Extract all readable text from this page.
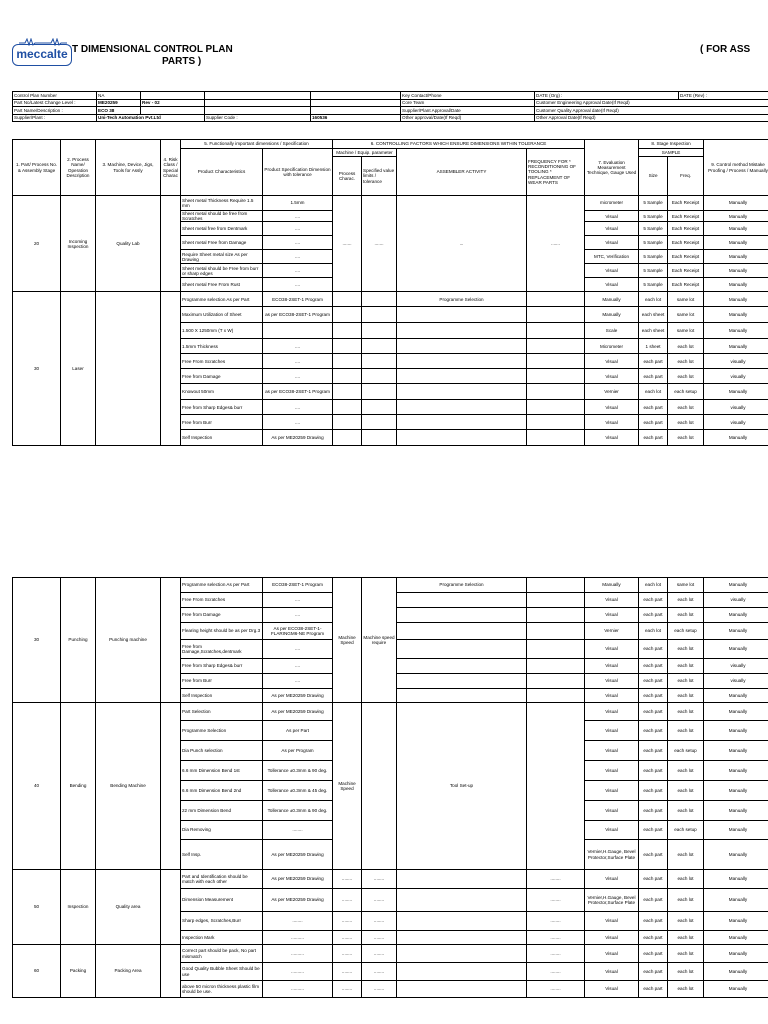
meccalte T DIMENSIONAL CONTROL PLAN
PARTS )
( FOR ASS
Control Plan Number	NA				Key Contact/Phone	DATE (Org) :	DATE (Rev) :
Part No/Latest Change Level :	ME20259	Rev - 02			Core Team	Customer Engineering Approval Date(If Reqd)	
Part Name/Description :	ECO 38				Supplier/Plant Approval/Date	Customer Quality Approval date(If Reqd)	
Supplier/Plant :	Uni-Tech Automation Pvt.Ltd		Supplier Code :	160536	Other approval/Date(If Reqd)	Other Approval Date(If Reqd)	
1. Part/ Process No. & Assembly Stage	2. Process Name/ Operation Description	3. Machine, Device, Jigs, Tools for Assly	4. Risk Class / Special Charac	5. Functionally important dimensions / Specification		6. CONTROLLING FACTORS WHICH ENSURE DIMENSIONS WITHIN TOLERANCE				7. Evaluation Measurement Technique, Gauge Used	8. Stage Inspection		9. Control method Mistake Proofing / Process / Manually
				Product Characteristics	Product Specification Dimension with tolerance	Machine / Equip. parameter		ASSEMBLER ACTIVITY	FREQUENCY FOR * RECONDITIONING OF TOOLING * REPLACEMENT OF WEAR PARTS		SAMPLE		
						Process Charac.	Specified value limits / tolerance				Size	Freq.	
20	Incoming Inspection	Quality Lab		Sheet metal Thickness Require 1.5 mm	1.5mm	.......	.......	...	.......	micrometer	5 Sample	Each Receipt	Manually
				Sheet metal should be free from Scratches	....					Visual	5 Sample	Each Receipt	Manually
				Sheet metal free from Dentmark	....					Visual	5 Sample	Each Receipt	Manually
				Sheet metal Free from Damage	....					Visual	5 Sample	Each Receipt	Manually
				Require Sheet metal size As per Drawing	....					MTC, Verification	5 Sample	Each Receipt	Manually
				Sheet metal should be Free from burr or sharp edges	....					Visual	5 Sample	Each Receipt	Manually
				Sheet metal Free From Rust	....					Visual	5 Sample	Each Receipt	Manually
30	Laser			Programme selection As per Part	ECO38-2SET-1 Program			Programme Selection		Manually	each lot	same lot	Manually
				Maximum Utilization of Sheet	as per ECO38-2SET-1 Program					Manually	each sheet	same lot	Manually
				1.500 X 1250mm (T x W)						Scale	each sheet	same lot	Manually
				1.5mm Thickness	....					Micrometer	1 sheet	each lot	Manually
				Free From Scratches	....					Visual	each part	each lot	visually
				Free from Damage	....					Visual	each part	each lot	visually
				Knowout 50mm	as per ECO38-2SET-1 Program					Vernier	each lot	each setup	Manually
				Free from Sharp Edges& burr	....					Visual	each part	each lot	visually
				Free from Burr	....					Visual	each part	each lot	visually
				Self Inspection	As per ME20259 Drawing					Visual	each part	each lot	Manually
30	Punching	Punching machine		Programme selection As per Part	ECO38-2SET-1 Program	Machine Speed	Machine speed require	Programme Selection		Manually	each lot	same lot	Manually
				Free From Scratches	....					Visual	each part	each lot	visually
				Free from Damage	....					Visual	each part	each lot	Manually
				Flearing height should be as per Drg.3	As per ECO38-2SET-1-FLARINGM6-NE Program					Vernier	each lot	each setup	Manually
				Free from Damage,Scratches,dentmark	....					Visual	each part	each lot	Manually
				Free from Sharp Edges& burr	....					Visual	each part	each lot	visually
				Free from Burr	....					Visual	each part	each lot	visually
				Self Inspection	As per ME20259 Drawing					Visual	each part	each lot	Manually
40	Bending	Bending Machine		Part Selection	As per ME20259 Drawing	Machine Speed		Tool Set-up		Visual	each part	each lot	Manually
				Programme Selection	As per Part					Visual	each part	each lot	Manually
				Dia Punch selection	As per Program					Visual	each part	each setup	Manually
				6.6 mm Dimension Bend 1st	Tollerance ±0.3mm & 90 deg.					Visual	each part	each lot	Manually
				6.6 mm Dimension Bend 2nd	Tollerance ±0.3mm & 45 deg.					Visual	each part	each lot	Manually
				22 mm Dimension Bend	Tollerance ±0.3mm & 90 deg.					Visual	each part	each lot	Manually
				Dia Removing	........					Visual	each part	each setup	Manually
				Self Insp.	As per ME20259 Drawing					Vernier,H.Gauge, Bevel Protector,Surface Plate	each part	each lot	Manually
50	Inspection	Quality area		Part and Identification should be match with each other	As per ME20259 Drawing	........	........		........	Visual	each part	each lot	Manually
				Dimension Measurement	As per ME20259 Drawing	........	........		........	Vernier,H.Gauge, Bevel Protector,Surface Plate	each part	each lot	Manually
				Sharp edges, Scratches,Burr	........	........	........		........	Visual	each part	each lot	Manually
				Inspection Mark	..........	........	........		........	Visual	each part	each lot	Manually
60	Packing	Packing Area		Correct part should be pack, No part mismatch	..........	........	........		........	Visual	each part	each lot	Manually
				Good Quality Bubble Sheet Should be use	..........	........	........		........	Visual	each part	each lot	Manually
				above 50 micron thickness plastic film should be use.	..........	........	........		........	Visual	each part	each lot	Manually
